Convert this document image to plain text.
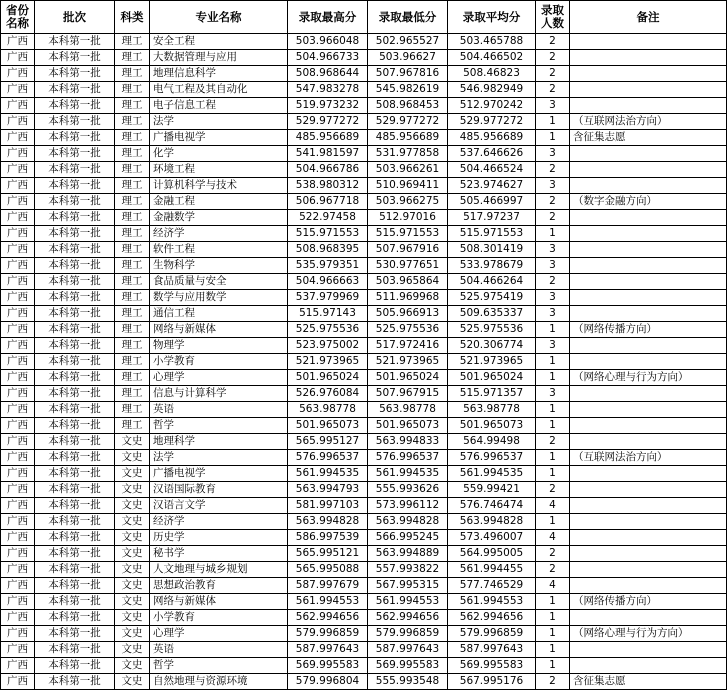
省份名称	批次	科类	专业名称	录取最高分	录取最低分	录取平均分	录取人数	备注
广西	本科第一批	理工	安全工程	503.966048	502.965527	503.465788	2	
广西	本科第一批	理工	大数据管理与应用	504.966733	503.96627	504.466502	2	
广西	本科第一批	理工	地理信息科学	508.968644	507.967816	508.46823	2	
广西	本科第一批	理工	电气工程及其自动化	547.983278	545.982619	546.982949	2	
广西	本科第一批	理工	电子信息工程	519.973232	508.968453	512.970242	3	
广西	本科第一批	理工	法学	529.977272	529.977272	529.977272	1	（互联网法治方向）
广西	本科第一批	理工	广播电视学	485.956689	485.956689	485.956689	1	含征集志愿
广西	本科第一批	理工	化学	541.981597	531.977858	537.646626	3	
广西	本科第一批	理工	环境工程	504.966786	503.966261	504.466524	2	
广西	本科第一批	理工	计算机科学与技术	538.980312	510.969411	523.974627	3	
广西	本科第一批	理工	金融工程	506.967718	503.966275	505.466997	2	（数字金融方向）
广西	本科第一批	理工	金融数学	522.97458	512.97016	517.97237	2	
广西	本科第一批	理工	经济学	515.971553	515.971553	515.971553	1	
广西	本科第一批	理工	软件工程	508.968395	507.967916	508.301419	3	
广西	本科第一批	理工	生物科学	535.979351	530.977651	533.978679	3	
广西	本科第一批	理工	食品质量与安全	504.966663	503.965864	504.466264	2	
广西	本科第一批	理工	数学与应用数学	537.979969	511.969968	525.975419	3	
广西	本科第一批	理工	通信工程	515.97143	505.966913	509.635337	3	
广西	本科第一批	理工	网络与新媒体	525.975536	525.975536	525.975536	1	（网络传播方向）
广西	本科第一批	理工	物理学	523.975002	517.972416	520.306774	3	
广西	本科第一批	理工	小学教育	521.973965	521.973965	521.973965	1	
广西	本科第一批	理工	心理学	501.965024	501.965024	501.965024	1	（网络心理与行为方向）
广西	本科第一批	理工	信息与计算科学	526.976084	507.967915	515.971357	3	
广西	本科第一批	理工	英语	563.98778	563.98778	563.98778	1	
广西	本科第一批	理工	哲学	501.965073	501.965073	501.965073	1	
广西	本科第一批	文史	地理科学	565.995127	563.994833	564.99498	2	
广西	本科第一批	文史	法学	576.996537	576.996537	576.996537	1	（互联网法治方向）
广西	本科第一批	文史	广播电视学	561.994535	561.994535	561.994535	1	
广西	本科第一批	文史	汉语国际教育	563.994793	555.993626	559.99421	2	
广西	本科第一批	文史	汉语言文学	581.997103	573.996112	576.746474	4	
广西	本科第一批	文史	经济学	563.994828	563.994828	563.994828	1	
广西	本科第一批	文史	历史学	586.997539	566.995245	573.496007	4	
广西	本科第一批	文史	秘书学	565.995121	563.994889	564.995005	2	
广西	本科第一批	文史	人文地理与城乡规划	565.995088	557.993822	561.994455	2	
广西	本科第一批	文史	思想政治教育	587.997679	567.995315	577.746529	4	
广西	本科第一批	文史	网络与新媒体	561.994553	561.994553	561.994553	1	（网络传播方向）
广西	本科第一批	文史	小学教育	562.994656	562.994656	562.994656	1	
广西	本科第一批	文史	心理学	579.996859	579.996859	579.996859	1	（网络心理与行为方向）
广西	本科第一批	文史	英语	587.997643	587.997643	587.997643	1	
广西	本科第一批	文史	哲学	569.995583	569.995583	569.995583	1	
广西	本科第一批	文史	自然地理与资源环境	579.996804	555.993548	567.995176	2	含征集志愿
